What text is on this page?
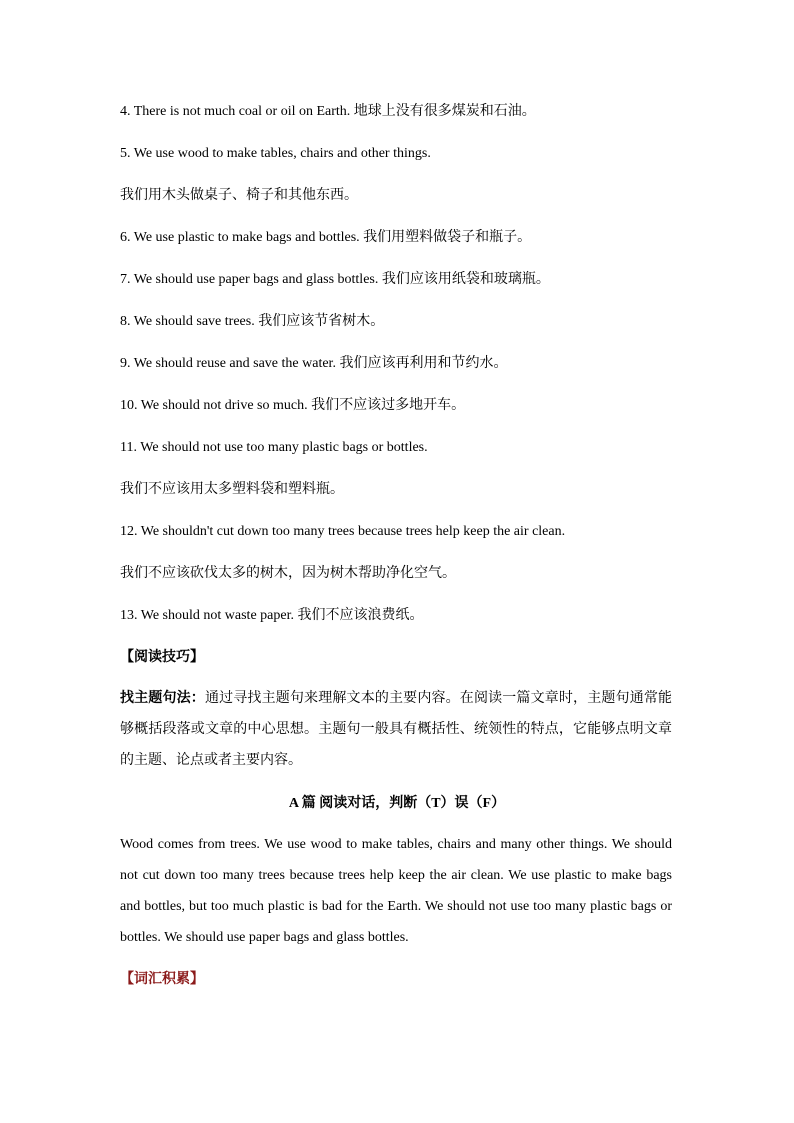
4. There is not much coal or oil on Earth. 地球上没有很多煤炭和石油。

5. We use wood to make tables, chairs and other things.

我们用木头做桌子、椅子和其他东西。

6. We use plastic to make bags and bottles. 我们用塑料做袋子和瓶子。

7. We should use paper bags and glass bottles. 我们应该用纸袋和玻璃瓶。

8. We should save trees. 我们应该节省树木。

9. We should reuse and save the water. 我们应该再利用和节约水。

10. We should not drive so much. 我们不应该过多地开车。

11. We should not use too many plastic bags or bottles.

我们不应该用太多塑料袋和塑料瓶。

12. We shouldn't cut down too many trees because trees help keep the air clean.

我们不应该砍伐太多的树木，因为树木帮助净化空气。

13. We should not waste paper. 我们不应该浪费纸。

【阅读技巧】

找主题句法：通过寻找主题句来理解文本的主要内容。在阅读一篇文章时，主题句通常能够概括段落或文章的中心思想。主题句一般具有概括性、统领性的特点，它能够点明文章的主题、论点或者主要内容。

A 篇 阅读对话，判断（T）误（F）

Wood comes from trees. We use wood to make tables, chairs and many other things. We should not cut down too many trees because trees help keep the air clean. We use plastic to make bags and bottles, but too much plastic is bad for the Earth. We should not use too many plastic bags or bottles. We should use paper bags and glass bottles.

【词汇积累】
